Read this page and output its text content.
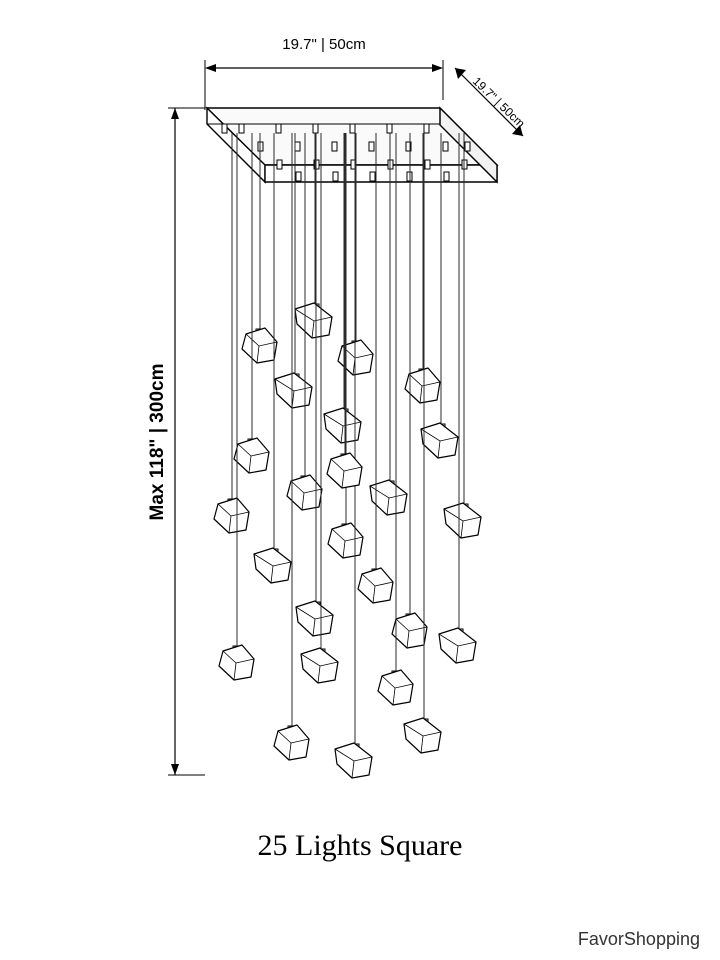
19.7" | 50cm
19.7" | 50cm
Max 118" | 300cm
25 Lights Square
FavorShopping
